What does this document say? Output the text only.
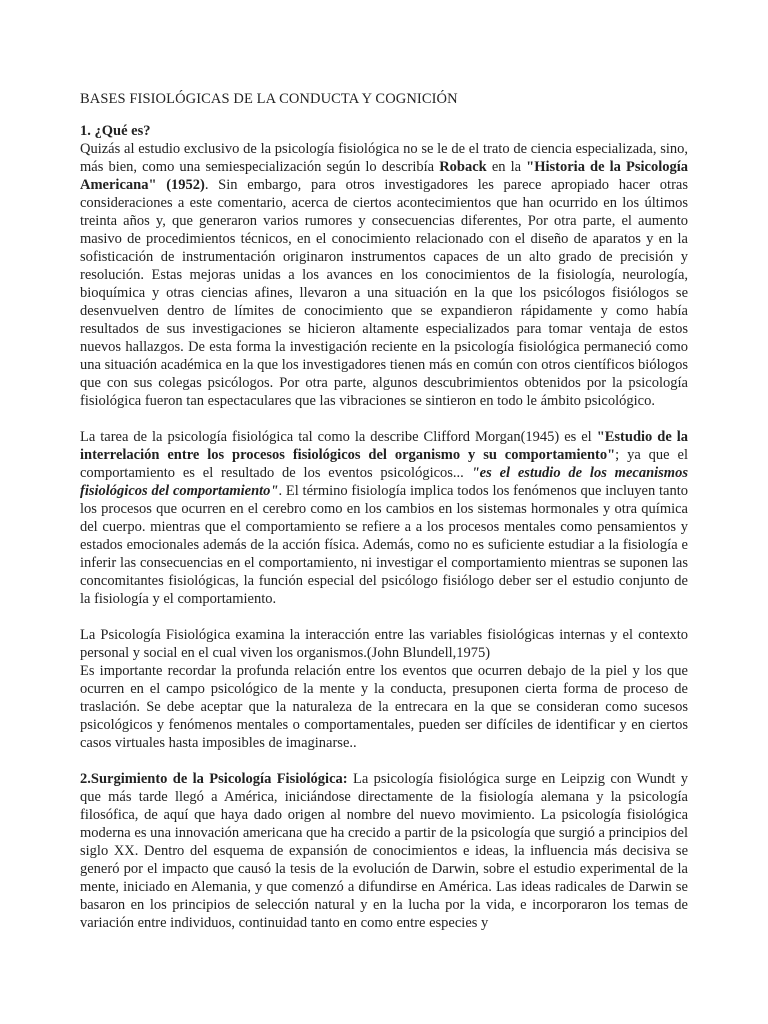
BASES FISIOLÓGICAS DE LA CONDUCTA Y COGNICIÓN
1. ¿Qué es?

Quizás al estudio exclusivo de la psicología fisiológica no se le de el trato de ciencia especializada, sino, más bien, como una semiespecialización según lo describía Roback en la "Historia de la Psicología Americana" (1952). Sin embargo, para otros investigadores les parece apropiado hacer otras consideraciones a este comentario, acerca de ciertos acontecimientos que han ocurrido en los últimos treinta años y, que generaron varios rumores y consecuencias diferentes, Por otra parte, el aumento masivo de procedimientos técnicos, en el conocimiento relacionado con el diseño de aparatos y en la sofisticación de instrumentación originaron instrumentos capaces de un alto grado de precisión y resolución. Estas mejoras unidas a los avances en los conocimientos de la fisiología, neurología, bioquímica y otras ciencias afines, llevaron a una situación en la que los psicólogos fisiólogos se desenvuelven dentro de límites de conocimiento que se expandieron rápidamente y como había resultados de sus investigaciones se hicieron altamente especializados para tomar ventaja de estos nuevos hallazgos. De esta forma la investigación reciente en la psicología fisiológica permaneció como una situación académica en la que los investigadores tienen más en común con otros científicos biólogos que con sus colegas psicólogos. Por otra parte, algunos descubrimientos obtenidos por la psicología fisiológica fueron tan espectaculares que las vibraciones se sintieron en todo le ámbito psicológico.

La tarea de la psicología fisiológica tal como la describe Clifford Morgan(1945) es el "Estudio de la interrelación entre los procesos fisiológicos del organismo y su comportamiento"; ya que el comportamiento es el resultado de los eventos psicológicos... "es el estudio de los mecanismos fisiológicos del comportamiento". El término fisiología implica todos los fenómenos que incluyen tanto los procesos que ocurren en el cerebro como en los cambios en los sistemas hormonales y otra química del cuerpo. mientras que el comportamiento se refiere a a los procesos mentales como pensamientos y estados emocionales además de la acción física. Además, como no es suficiente estudiar a la fisiología e inferir las consecuencias en el comportamiento, ni investigar el comportamiento mientras se suponen las concomitantes fisiológicas, la función especial del psicólogo fisiólogo deber ser el estudio conjunto de la fisiología y el comportamiento.

La Psicología Fisiológica examina la interacción entre las variables fisiológicas internas y el contexto personal y social en el cual viven los organismos.(John Blundell,1975)

Es importante recordar la profunda relación entre los eventos que ocurren debajo de la piel y los que ocurren en el campo psicológico de la mente y la conducta, presuponen cierta forma de proceso de traslación. Se debe aceptar que la naturaleza de la entrecara en la que se consideran como sucesos psicológicos y fenómenos mentales o comportamentales, pueden ser difíciles de identificar y en ciertos casos virtuales hasta imposibles de imaginarse..

2.Surgimiento de la Psicología Fisiológica: La psicología fisiológica surge en Leipzig con Wundt y que más tarde llegó a América, iniciándose directamente de la fisiología alemana y la psicología filosófica, de aquí que haya dado origen al nombre del nuevo movimiento. La psicología fisiológica moderna es una innovación americana que ha crecido a partir de la psicología que surgió a principios del siglo XX. Dentro del esquema de expansión de conocimientos e ideas, la influencia más decisiva se generó por el impacto que causó la tesis de la evolución de Darwin, sobre el estudio experimental de la mente, iniciado en Alemania, y que comenzó a difundirse en América. Las ideas radicales de Darwin se basaron en los principios de selección natural y en la lucha por la vida, e incorporaron los temas de variación entre individuos, continuidad tanto en como entre especies y
